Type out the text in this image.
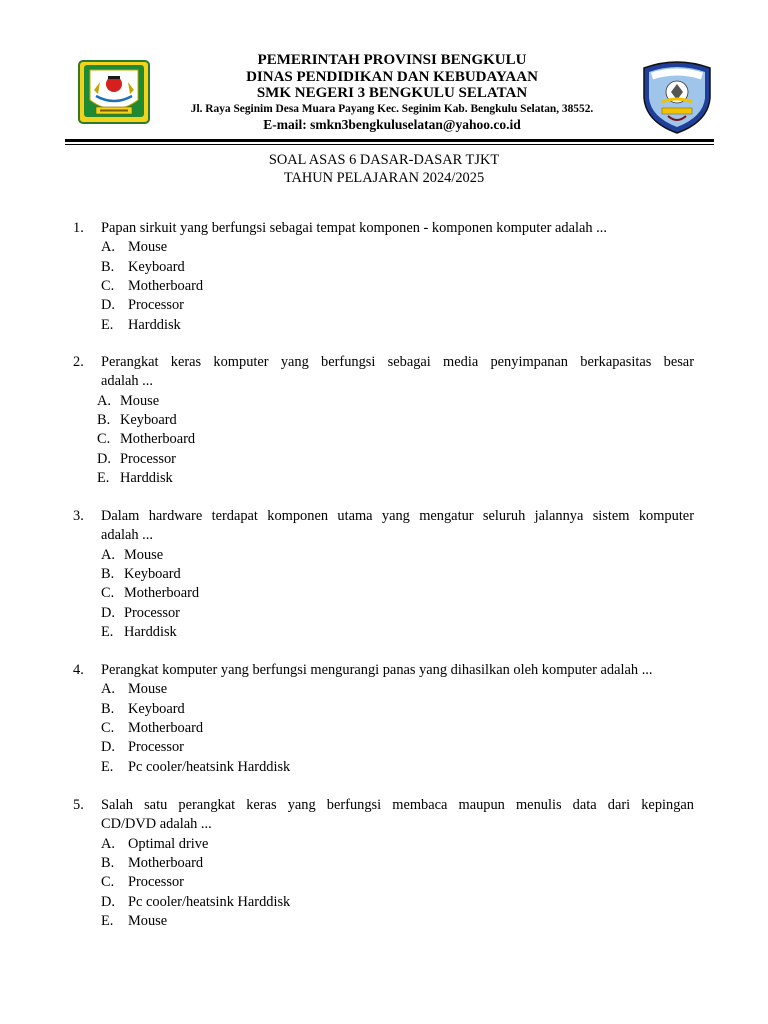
PEMERINTAH PROVINSI BENGKULU
DINAS PENDIDIKAN DAN KEBUDAYAAN
SMK NEGERI 3 BENGKULU SELATAN
Jl. Raya Seginim Desa Muara Payang Kec. Seginim Kab. Bengkulu Selatan, 38552.
E-mail: smkn3bengkuluselatan@yahoo.co.id
SOAL ASAS 6 DASAR-DASAR TJKT
TAHUN PELAJARAN 2024/2025
1. Papan sirkuit yang berfungsi sebagai tempat komponen - komponen komputer adalah ...
A. Mouse
B. Keyboard
C. Motherboard
D. Processor
E. Harddisk
2. Perangkat keras komputer yang berfungsi sebagai media penyimpanan berkapasitas besar
adalah ...
A. Mouse
B. Keyboard
C. Motherboard
D. Processor
E. Harddisk
3. Dalam hardware terdapat komponen utama yang mengatur seluruh jalannya sistem komputer
adalah ...
A. Mouse
B. Keyboard
C. Motherboard
D. Processor
E. Harddisk
4. Perangkat komputer yang berfungsi mengurangi panas yang dihasilkan oleh komputer adalah ...
A. Mouse
B. Keyboard
C. Motherboard
D. Processor
E. Pc cooler/heatsink Harddisk
5. Salah satu perangkat keras yang berfungsi membaca maupun menulis data dari kepingan
CD/DVD adalah ...
A. Optimal drive
B. Motherboard
C. Processor
D. Pc cooler/heatsink Harddisk
E. Mouse
